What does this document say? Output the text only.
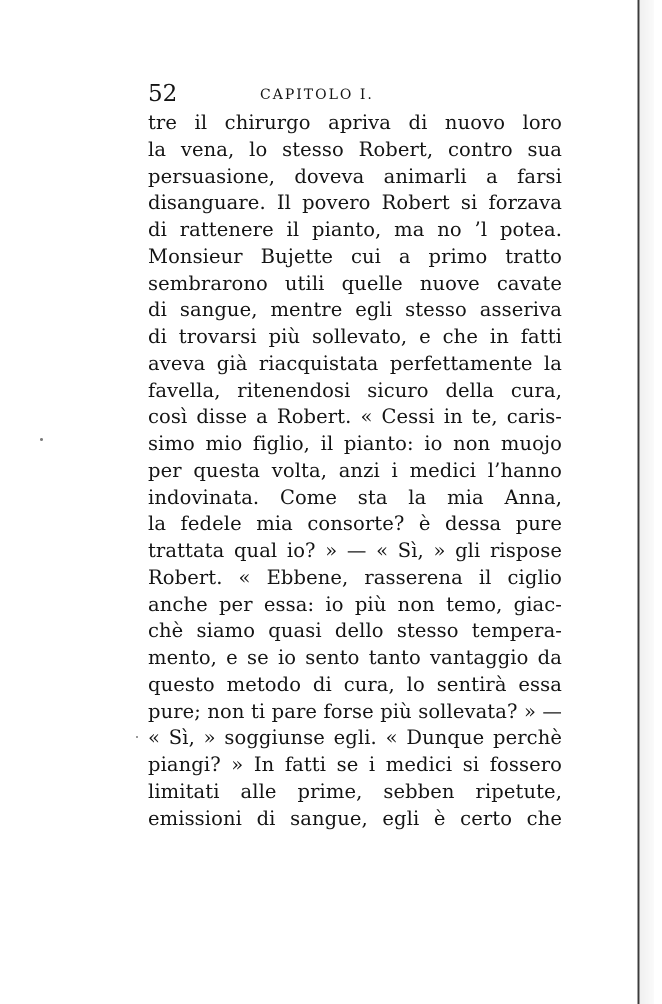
52	CAPITOLO I.
tre il chirurgo apriva di nuovo loro
la vena, lo stesso Robert, contro sua
persuasione, doveva animarli a farsi
disanguare. Il povero Robert si forzava
di rattenere il pianto, ma no ’l potea.
Monsieur Bujette cui a primo tratto
sembrarono utili quelle nuove cavate
di sangue, mentre egli stesso asseriva
di trovarsi più sollevato, e che in fatti
aveva già riacquistata perfettamente la
favella, ritenendosi sicuro della cura,
così disse a Robert. « Cessi in te, caris-
simo mio figlio, il pianto: io non muojo
per questa volta, anzi i medici l’hanno
indovinata. Come sta la mia Anna,
la fedele mia consorte? è dessa pure
trattata qual io? » — « Sì, » gli rispose
Robert. « Ebbene, rasserena il ciglio
anche per essa: io più non temo, giac-
chè siamo quasi dello stesso tempera-
mento, e se io sento tanto vantaggio da
questo metodo di cura, lo sentirà essa
pure; non ti pare forse più sollevata? » —
« Sì, » soggiunse egli. « Dunque perchè
piangi? » In fatti se i medici si fossero
limitati alle prime, sebben ripetute,
emissioni di sangue, egli è certo che
